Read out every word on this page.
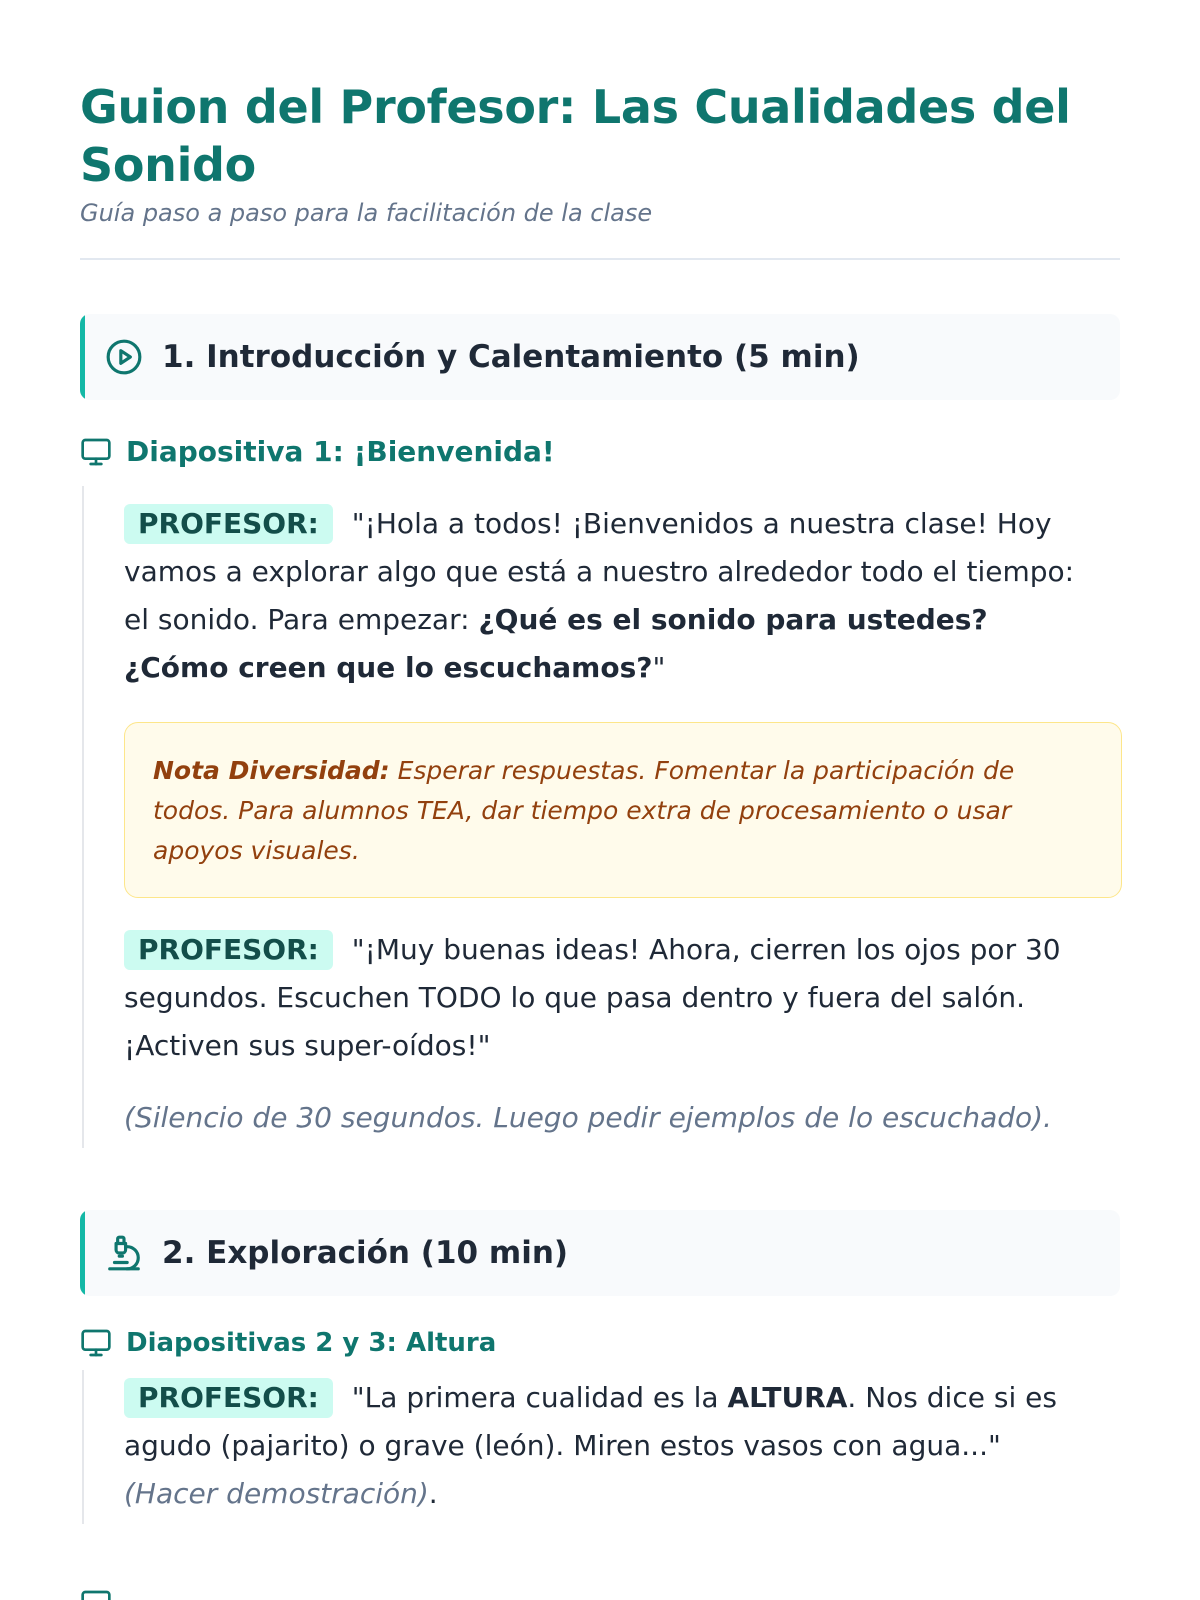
Guion del Profesor: Las Cualidades del Sonido
Guía paso a paso para la facilitación de la clase
1. Introducción y Calentamiento (5 min)
Diapositiva 1: ¡Bienvenida!

PROFESOR: "¡Hola a todos! ¡Bienvenidos a nuestra clase! Hoy vamos a explorar algo que está a nuestro alrededor todo el tiempo: el sonido. Para empezar: ¿Qué es el sonido para ustedes? ¿Cómo creen que lo escuchamos?"

Nota Diversidad: Esperar respuestas. Fomentar la participación de todos. Para alumnos TEA, dar tiempo extra de procesamiento o usar apoyos visuales.

PROFESOR: "¡Muy buenas ideas! Ahora, cierren los ojos por 30 segundos. Escuchen TODO lo que pasa dentro y fuera del salón. ¡Activen sus super-oídos!"

(Silencio de 30 segundos. Luego pedir ejemplos de lo escuchado).

2. Exploración (10 min)
Diapositivas 2 y 3: Altura

PROFESOR: "La primera cualidad es la ALTURA. Nos dice si es agudo (pajarito) o grave (león). Miren estos vasos con agua..." (Hacer demostración).
